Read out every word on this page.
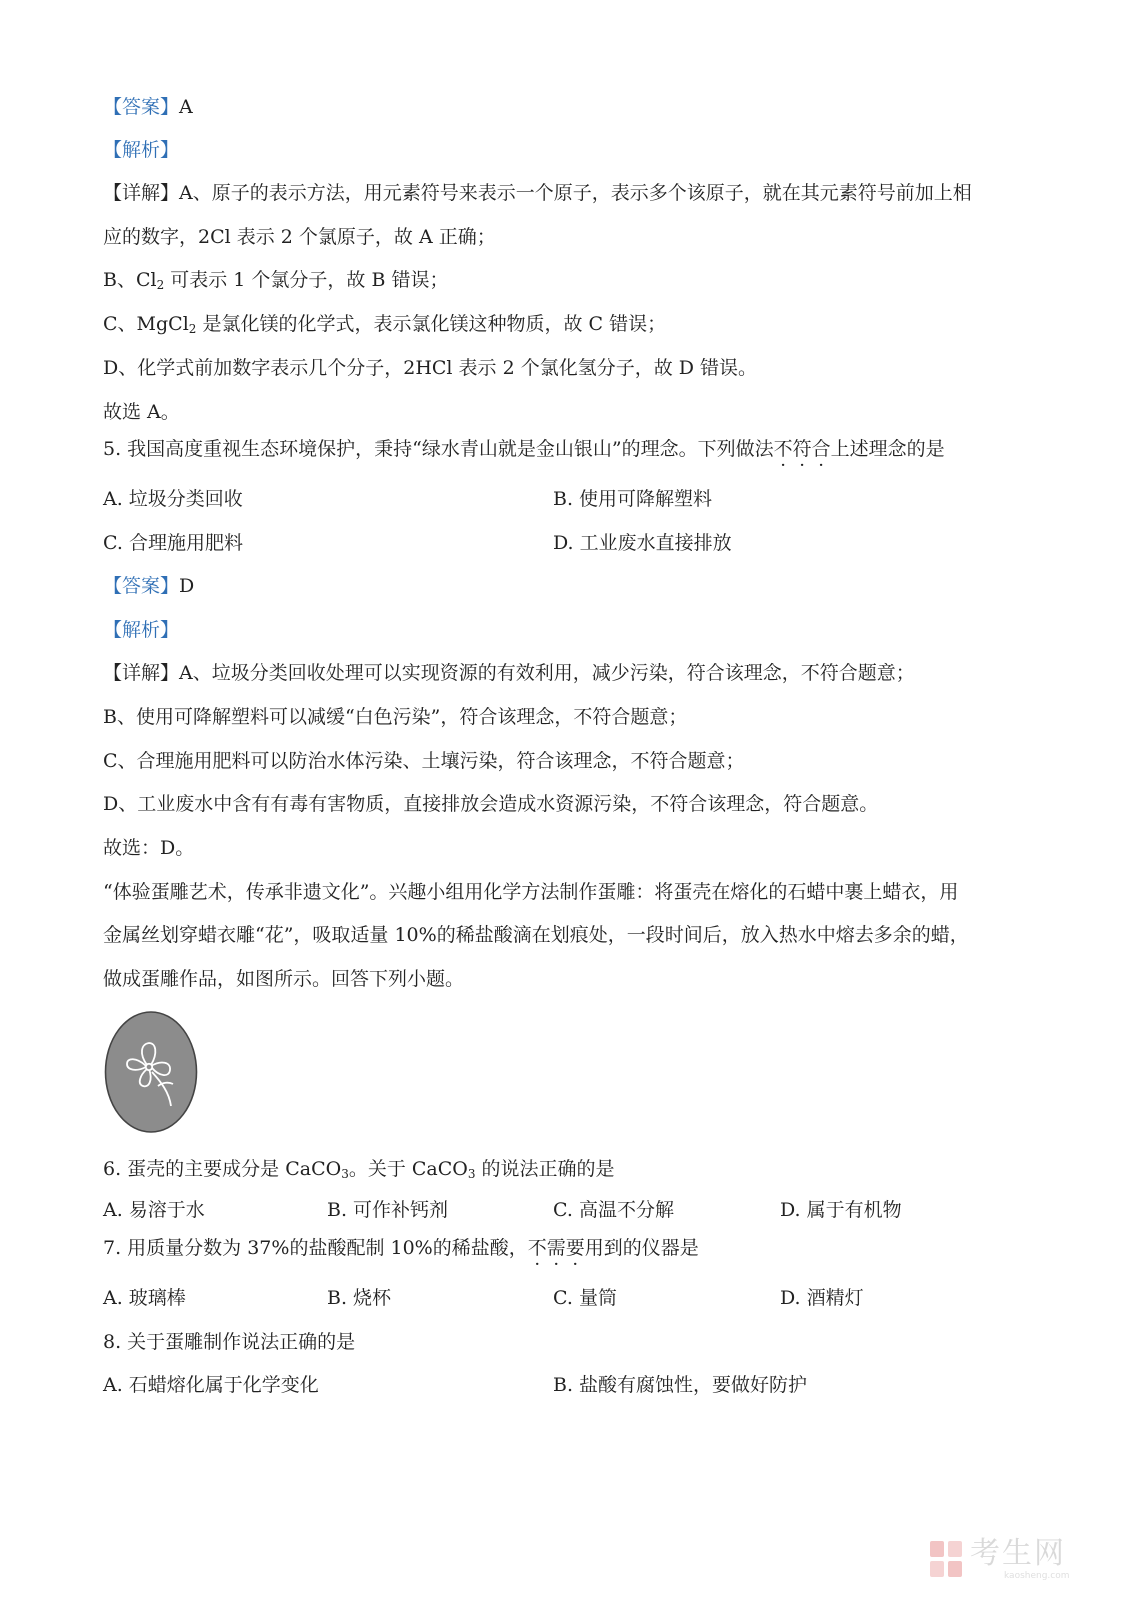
【答案】A
【解析】
【详解】A、原子的表示方法，用元素符号来表示一个原子，表示多个该原子，就在其元素符号前加上相
应的数字，2Cl 表示 2 个氯原子，故 A 正确；
B、$Cl_2$ 可表示 1 个氯分子，故 B 错误；
C、MgCl$_2$ 是氯化镁的化学式，表示氯化镁这种物质，故 C 错误；
D、化学式前加数字表示几个分子，2HCl 表示 2 个氯化氢分子，故 D 错误。
故选 A。
5. 我国高度重视生态环境保护，秉持“绿水青山就是金山银山”的理念。下列做法不符合上述理念的是
A. 垃圾分类回收	B. 使用可降解塑料
C. 合理施用肥料	D. 工业废水直接排放
【答案】D
【解析】
【详解】A、垃圾分类回收处理可以实现资源的有效利用，减少污染，符合该理念，不符合题意；
B、使用可降解塑料可以减缓“白色污染”，符合该理念，不符合题意；
C、合理施用肥料可以防治水体污染、土壤污染，符合该理念，不符合题意；
D、工业废水中含有有毒有害物质，直接排放会造成水资源污染，不符合该理念，符合题意。
故选：D。
“体验蛋雕艺术，传承非遗文化”。兴趣小组用化学方法制作蛋雕：将蛋壳在熔化的石蜡中裹上蜡衣，用
金属丝划穿蜡衣雕“花”，吸取适量 10%的稀盐酸滴在划痕处，一段时间后，放入热水中熔去多余的蜡，
做成蛋雕作品，如图所示。回答下列小题。
6. 蛋壳的主要成分是 CaCO$_3$。关于 CaCO$_3$ 的说法正确的是
A. 易溶于水	B. 可作补钙剂	C. 高温不分解	D. 属于有机物
7. 用质量分数为 37%的盐酸配制 10%的稀盐酸，不需要用到的仪器是
A. 玻璃棒	B. 烧杯	C. 量筒	D. 酒精灯
8. 关于蛋雕制作说法正确的是
A. 石蜡熔化属于化学变化	B. 盐酸有腐蚀性，要做好防护
考生网
kaosheng.com
